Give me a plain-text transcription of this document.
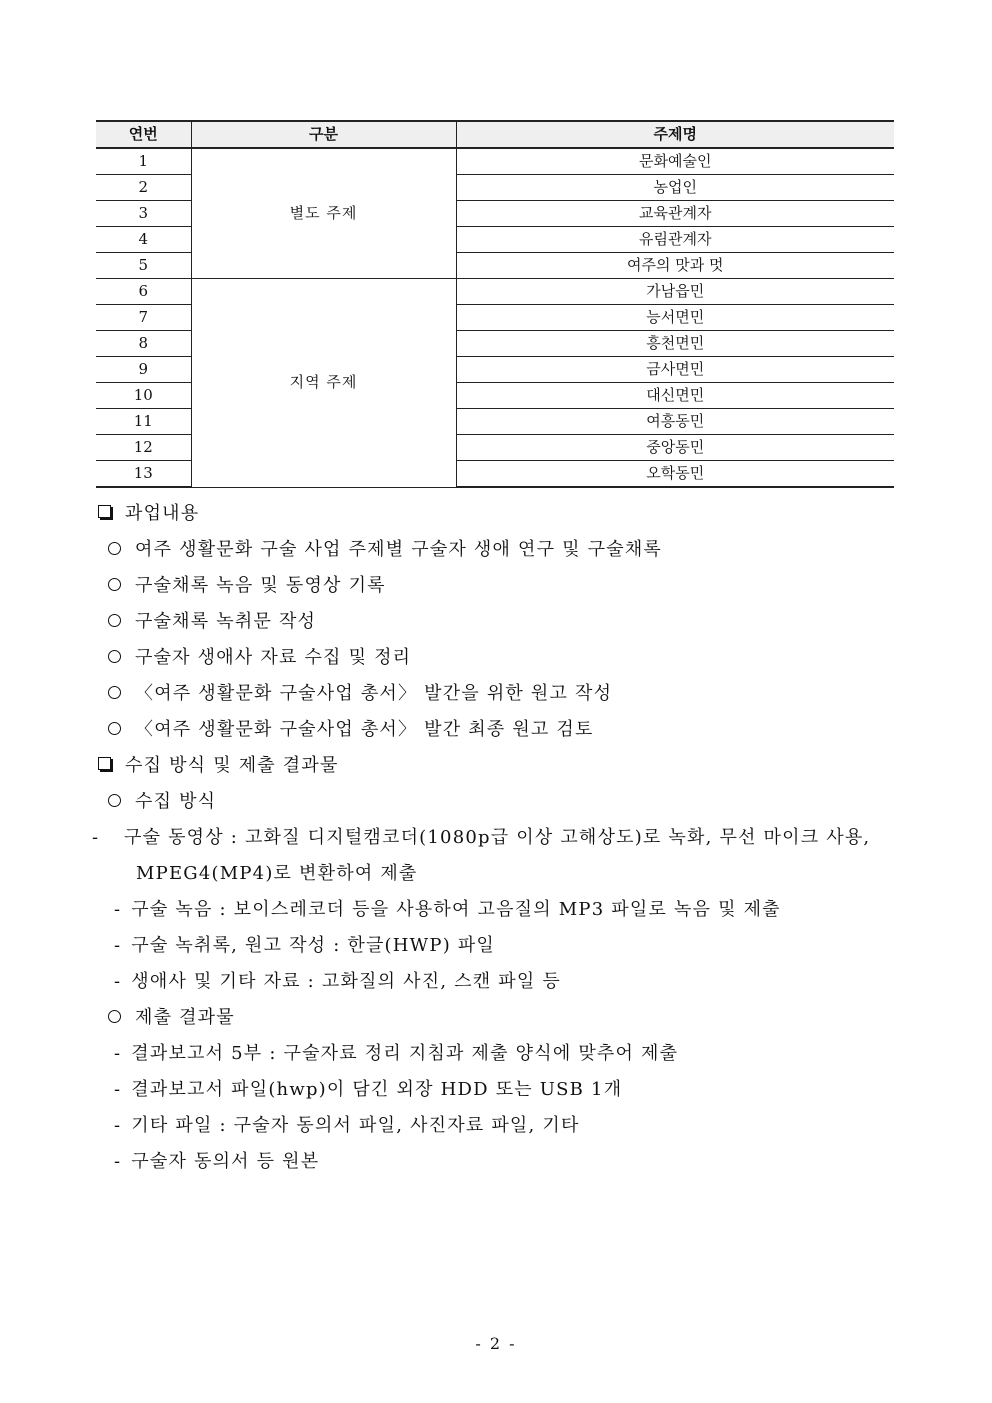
연번	구분	주제명
1	별도 주제	문화예술인
2		농업인
3		교육관계자
4		유림관계자
5		여주의 맛과 멋
6	지역 주제	가남읍민
7		능서면민
8		흥천면민
9		금사면민
10		대신면민
11		여흥동민
12		중앙동민
13		오학동민
과업내용
여주 생활문화 구술 사업 주제별 구술자 생애 연구 및 구술채록
구술채록 녹음 및 동영상 기록
구술채록 녹취문 작성
구술자 생애사 자료 수집 및 정리
〈여주 생활문화 구술사업 총서〉 발간을 위한 원고 작성
〈여주 생활문화 구술사업 총서〉 발간 최종 원고 검토
수집 방식 및 제출 결과물
수집 방식
- 구술 동영상 : 고화질 디지털캠코더(1080p급 이상 고해상도)로 녹화, 무선 마이크 사용, MPEG4(MP4)로 변환하여 제출
- 구술 녹음 : 보이스레코더 등을 사용하여 고음질의 MP3 파일로 녹음 및 제출
- 구술 녹취록, 원고 작성 : 한글(HWP) 파일
- 생애사 및 기타 자료 : 고화질의 사진, 스캔 파일 등
제출 결과물
- 결과보고서 5부 : 구술자료 정리 지침과 제출 양식에 맞추어 제출
- 결과보고서 파일(hwp)이 담긴 외장 HDD 또는 USB 1개
- 기타 파일 : 구술자 동의서 파일, 사진자료 파일, 기타
- 구술자 동의서 등 원본
- 2 -
